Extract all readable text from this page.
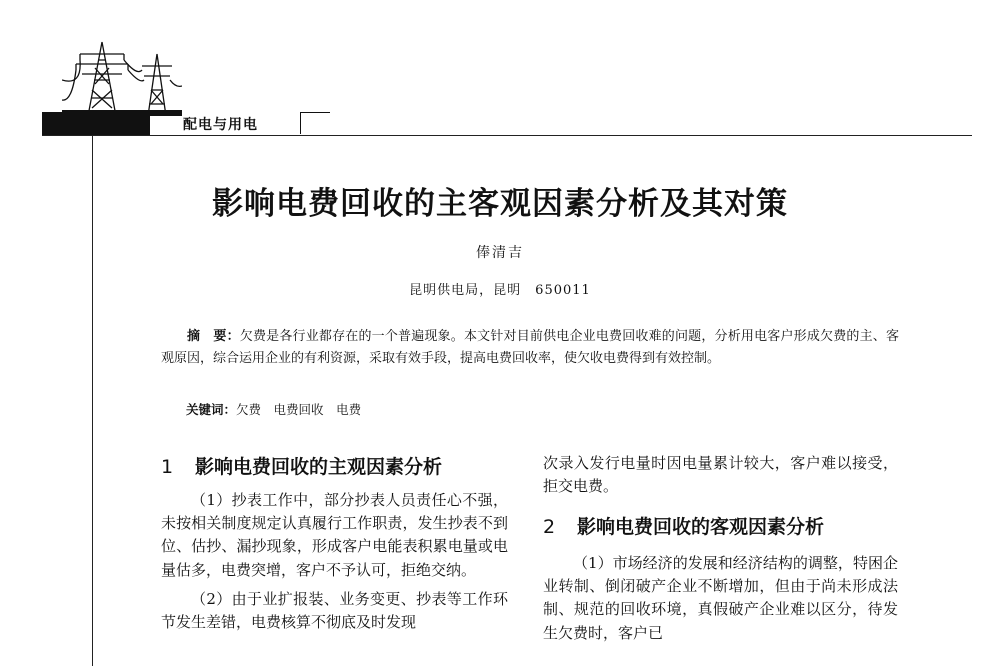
配电与用电
影响电费回收的主客观因素分析及其对策
俸清吉
昆明供电局，昆明　650011
摘　要：欠费是各行业都存在的一个普遍现象。本文针对目前供电企业电费回收难的问题，分析用电客户形成欠费的主、客观原因，综合运用企业的有利资源，采取有效手段，提高电费回收率，使欠收电费得到有效控制。
关键词：欠费　 电费回收　 电费
1 影响电费回收的主观因素分析

（1）抄表工作中，部分抄表人员责任心不强，未按相关制度规定认真履行工作职责，发生抄表不到位、估抄、漏抄现象，形成客户电能表积累电量或电量估多，电费突增，客户不予认可，拒绝交纳。

（2）由于业扩报装、业务变更、抄表等工作环节发生差错，电费核算不彻底及时发现

次录入发行电量时因电量累计较大，客户难以接受，拒交电费。

2 影响电费回收的客观因素分析

（1）市场经济的发展和经济结构的调整，特困企业转制、倒闭破产企业不断增加，但由于尚未形成法制、规范的回收环境，真假破产企业难以区分，待发生欠费时，客户已
